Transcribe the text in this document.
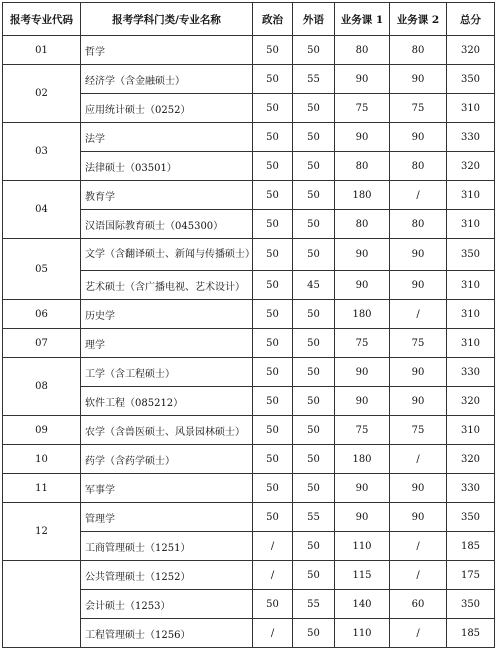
报考专业代码	报考学科门类/专业名称	政治	外语	业务课 1	业务课 2	总分
01	哲学	50	50	80	80	320
02	经济学（含金融硕士）	50	55	90	90	350
	应用统计硕士（0252）	50	50	75	75	310
03	法学	50	50	90	90	330
	法律硕士（03501）	50	50	80	80	320
04	教育学	50	50	180	/	310
	汉语国际教育硕士（045300）	50	50	80	80	310
05	文学（含翻译硕士、新闻与传播硕士）	50	50	90	90	350
	艺术硕士（含广播电视、艺术设计）	50	45	90	90	310
06	历史学	50	50	180	/	310
07	理学	50	50	75	75	310
08	工学（含工程硕士）	50	50	90	90	330
	软件工程（085212）	50	50	90	90	320
09	农学（含兽医硕士、风景园林硕士）	50	50	75	75	310
10	药学（含药学硕士）	50	50	180	/	320
11	军事学	50	50	90	90	330
12	管理学	50	55	90	90	350
	工商管理硕士（1251）	/	50	110	/	185
	公共管理硕士（1252）	/	50	115	/	175
	会计硕士（1253）	50	55	140	60	350
	工程管理硕士（1256）	/	50	110	/	185
